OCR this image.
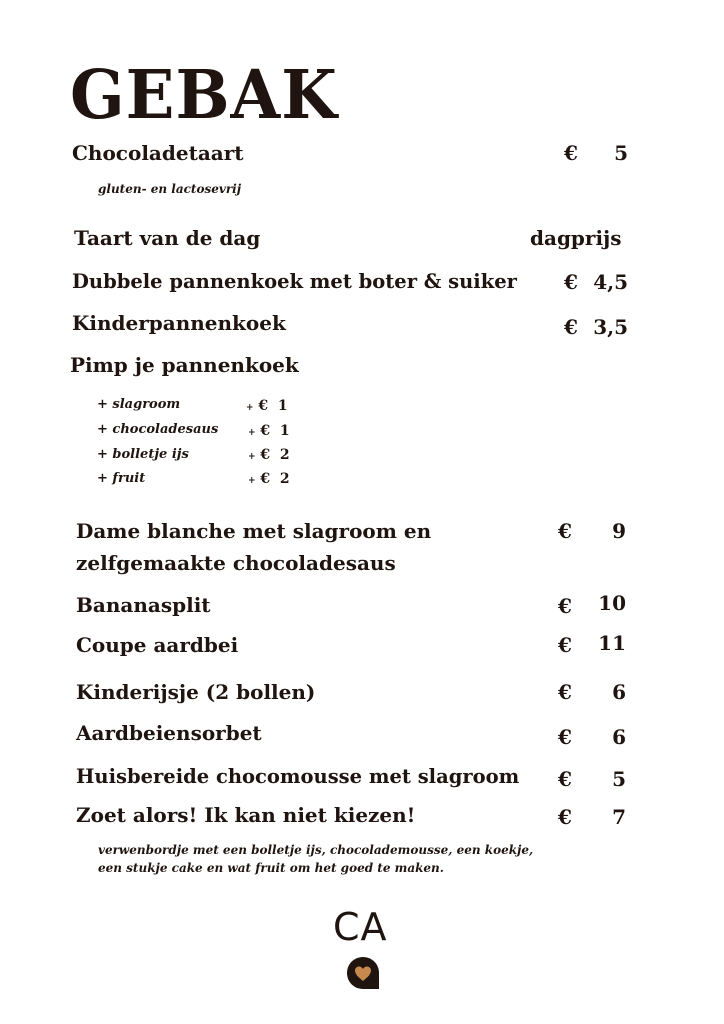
GEBAK
Chocoladetaart	€	5
gluten- en lactosevrij
Taart van de dag	dagprijs
Dubbele pannenkoek met boter & suiker € 4,5
Kinderpannenkoek	€ 3,5
Pimp je pannenkoek
+ slagroom	+ € 1
+ chocoladesaus	+ € 1
+ bolletje ijs	+ € 2
+ fruit	+ € 2
Dame blanche met slagroom en
zelfgemaakte chocoladesaus
€	9
Bananasplit	€	10
Coupe aardbei	€	11
Kinderijsje (2 bollen)	€	6
Aardbeiensorbet	€	6
Huisbereide chocomousse met slagroom €	5
Zoet alors! Ik kan niet kiezen!	€	7
verwenbordje met een bolletje ijs, chocolademousse, een koekje,
een stukje cake en wat fruit om het goed te maken.
CA
